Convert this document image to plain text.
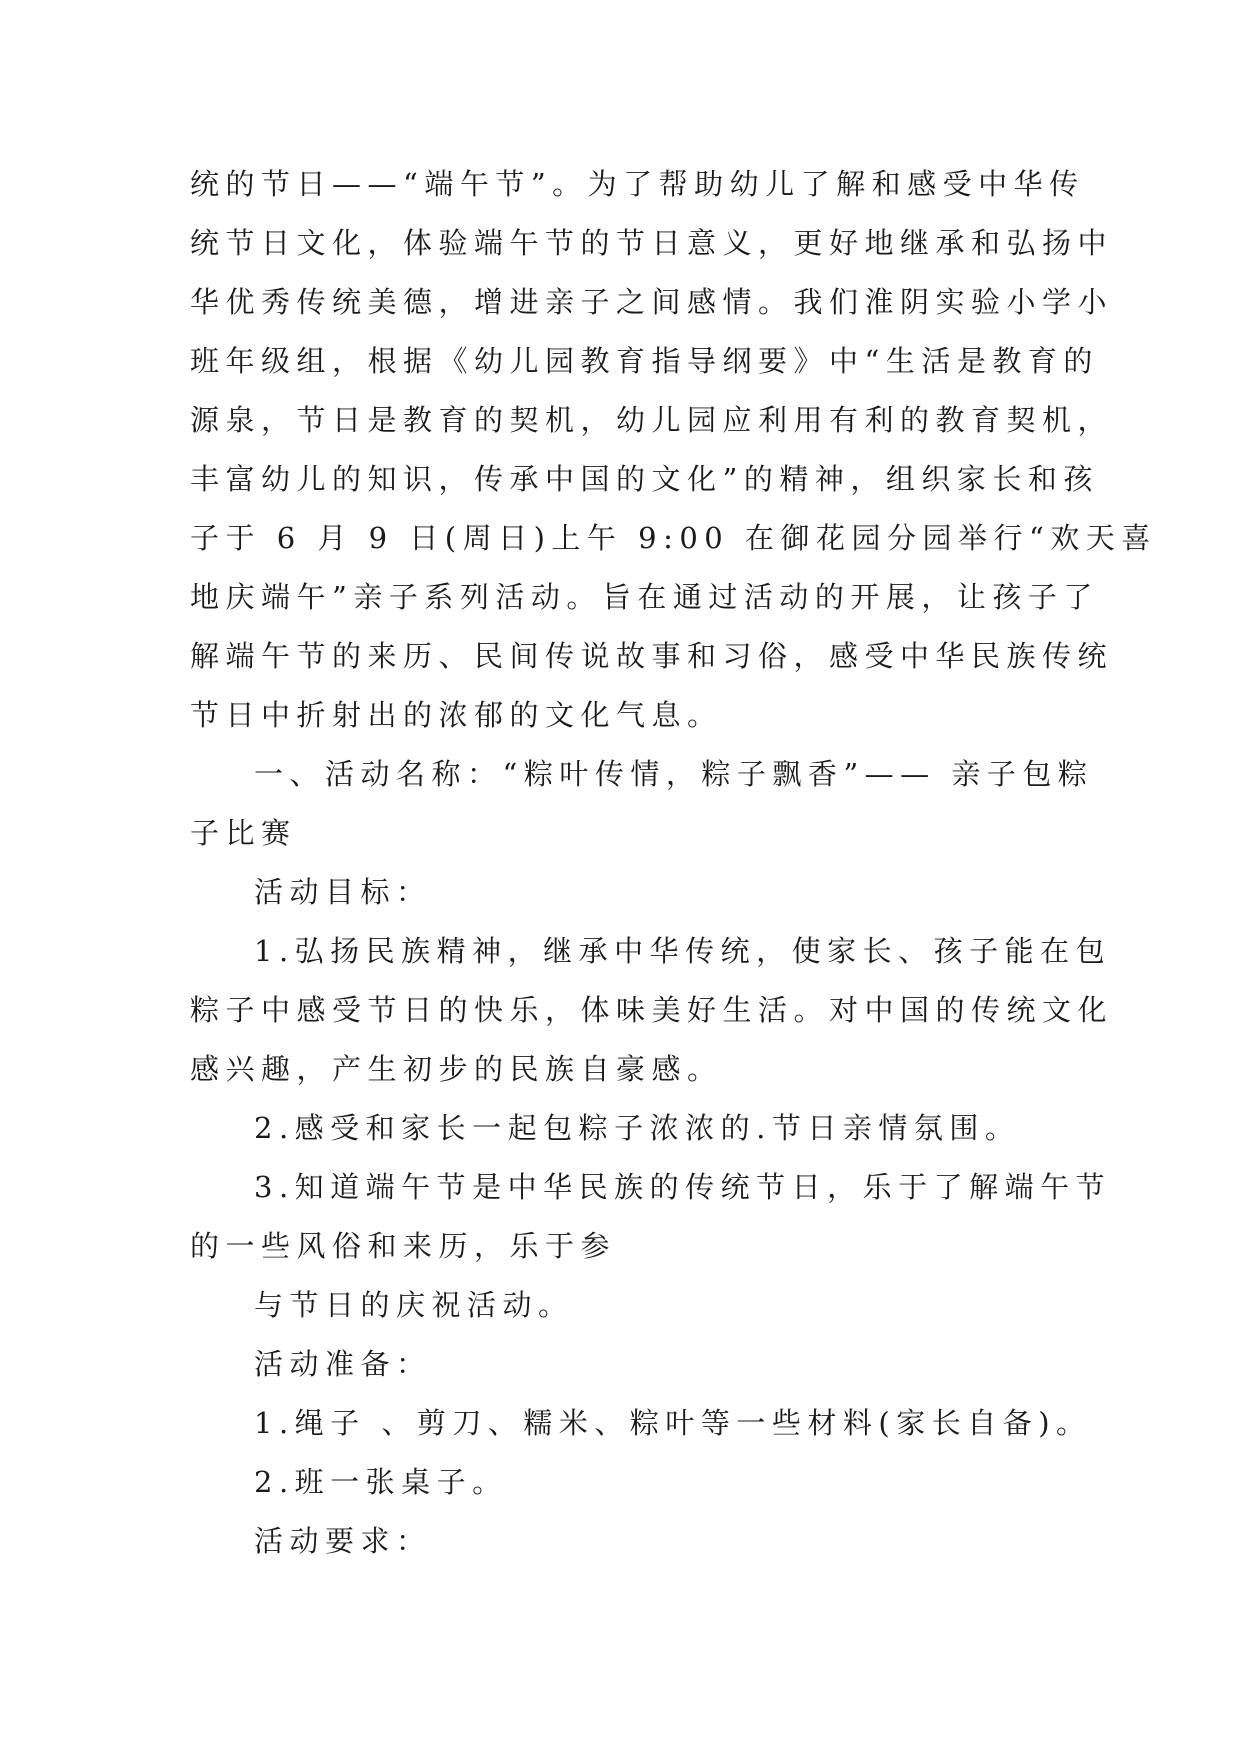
统的节日——“端午节”。为了帮助幼儿了解和感受中华传
统节日文化，体验端午节的节日意义，更好地继承和弘扬中
华优秀传统美德，增进亲子之间感情。我们淮阴实验小学小
班年级组，根据《幼儿园教育指导纲要》中“生活是教育的
源泉，节日是教育的契机，幼儿园应利用有利的教育契机，
丰富幼儿的知识，传承中国的文化”的精神，组织家长和孩
子于 6 月 9 日(周日)上午 9:00 在御花园分园举行“欢天喜
地庆端午”亲子系列活动。旨在通过活动的开展，让孩子了
解端午节的来历、民间传说故事和习俗，感受中华民族传统
节日中折射出的浓郁的文化气息。
一、活动名称：“粽叶传情，粽子飘香”—— 亲子包粽
子比赛
活动目标：
1.弘扬民族精神，继承中华传统，使家长、孩子能在包
粽子中感受节日的快乐，体味美好生活。对中国的传统文化
感兴趣，产生初步的民族自豪感。
2.感受和家长一起包粽子浓浓的.节日亲情氛围。
3.知道端午节是中华民族的传统节日，乐于了解端午节
的一些风俗和来历，乐于参
与节日的庆祝活动。
活动准备：
1.绳子 、剪刀、糯米、粽叶等一些材料(家长自备)。
2.班一张桌子。
活动要求：
